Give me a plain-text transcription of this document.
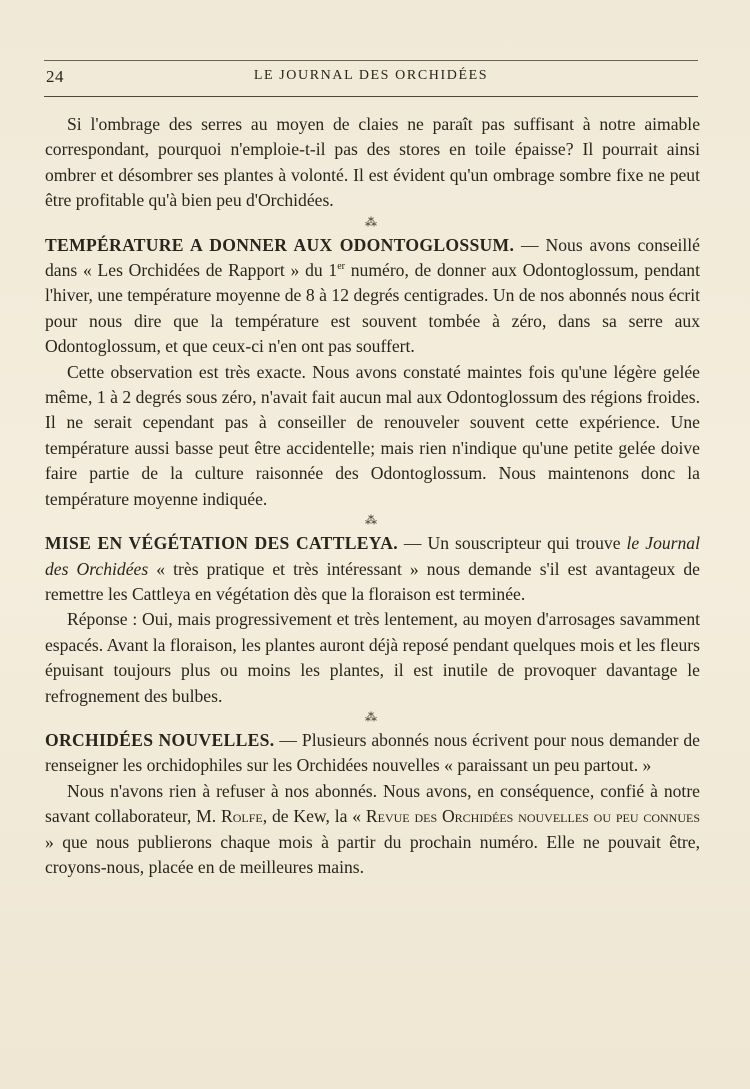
24	LE JOURNAL DES ORCHIDÉES

Si l'ombrage des serres au moyen de claies ne paraît pas suffisant à notre aimable correspondant, pourquoi n'emploie-t-il pas des stores en toile épaisse? Il pourrait ainsi ombrer et désombrer ses plantes à volonté. Il est évident qu'un ombrage sombre fixe ne peut être profitable qu'à bien peu d'Orchidées.

⁂

TEMPÉRATURE A DONNER AUX ODONTOGLOSSUM. — Nous avons conseillé dans « Les Orchidées de Rapport » du 1er numéro, de donner aux Odontoglossum, pendant l'hiver, une température moyenne de 8 à 12 degrés centigrades. Un de nos abonnés nous écrit pour nous dire que la température est souvent tombée à zéro, dans sa serre aux Odontoglossum, et que ceux-ci n'en ont pas souffert.

Cette observation est très exacte. Nous avons constaté maintes fois qu'une légère gelée même, 1 à 2 degrés sous zéro, n'avait fait aucun mal aux Odontoglossum des régions froides. Il ne serait cependant pas à conseiller de renouveler souvent cette expérience. Une température aussi basse peut être accidentelle; mais rien n'indique qu'une petite gelée doive faire partie de la culture raisonnée des Odontoglossum. Nous maintenons donc la température moyenne indiquée.

⁂

MISE EN VÉGÉTATION DES CATTLEYA. — Un souscripteur qui trouve le Journal des Orchidées « très pratique et très intéressant » nous demande s'il est avantageux de remettre les Cattleya en végétation dès que la floraison est terminée.

Réponse : Oui, mais progressivement et très lentement, au moyen d'arrosages savamment espacés. Avant la floraison, les plantes auront déjà reposé pendant quelques mois et les fleurs épuisant toujours plus ou moins les plantes, il est inutile de provoquer davantage le refrognement des bulbes.

⁂

ORCHIDÉES NOUVELLES. — Plusieurs abonnés nous écrivent pour nous demander de renseigner les orchidophiles sur les Orchidées nouvelles « paraissant un peu partout. »

Nous n'avons rien à refuser à nos abonnés. Nous avons, en conséquence, confié à notre savant collaborateur, M. Rolfe, de Kew, la « Revue des Orchidées nouvelles ou peu connues » que nous publierons chaque mois à partir du prochain numéro. Elle ne pouvait être, croyons-nous, placée en de meilleures mains.
